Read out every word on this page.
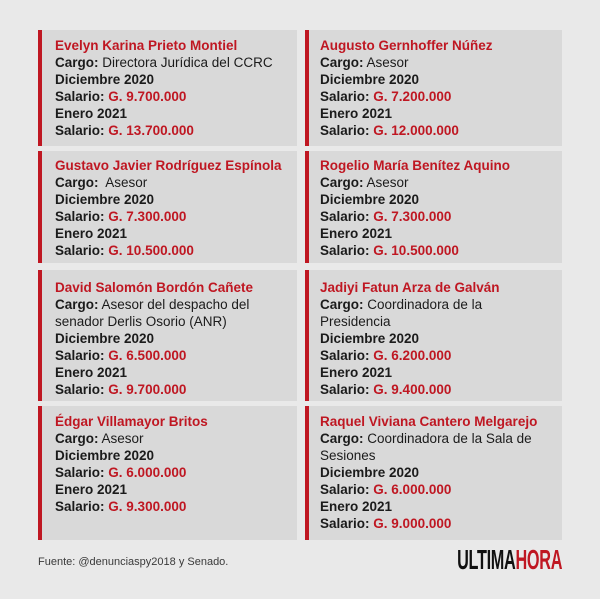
Evelyn Karina Prieto Montiel
Cargo: Directora Jurídica del CCRC
Diciembre 2020
Salario: G. 9.700.000
Enero 2021
Salario: G. 13.700.000
Augusto Gernhoffer Núñez
Cargo: Asesor
Diciembre 2020
Salario: G. 7.200.000
Enero 2021
Salario: G. 12.000.000
Gustavo Javier Rodríguez Espínola
Cargo: Asesor
Diciembre 2020
Salario: G. 7.300.000
Enero 2021
Salario: G. 10.500.000
Rogelio María Benítez Aquino
Cargo: Asesor
Diciembre 2020
Salario: G. 7.300.000
Enero 2021
Salario: G. 10.500.000
David Salomón Bordón Cañete
Cargo: Asesor del despacho del senador Derlis Osorio (ANR)
Diciembre 2020
Salario: G. 6.500.000
Enero 2021
Salario: G. 9.700.000
Jadiyi Fatun Arza de Galván
Cargo: Coordinadora de la Presidencia
Diciembre 2020
Salario: G. 6.200.000
Enero 2021
Salario: G. 9.400.000
Édgar Villamayor Britos
Cargo: Asesor
Diciembre 2020
Salario: G. 6.000.000
Enero 2021
Salario: G. 9.300.000
Raquel Viviana Cantero Melgarejo
Cargo: Coordinadora de la Sala de Sesiones
Diciembre 2020
Salario: G. 6.000.000
Enero 2021
Salario: G. 9.000.000
Fuente: @denunciaspy2018 y Senado.	ULTIMAHORA
